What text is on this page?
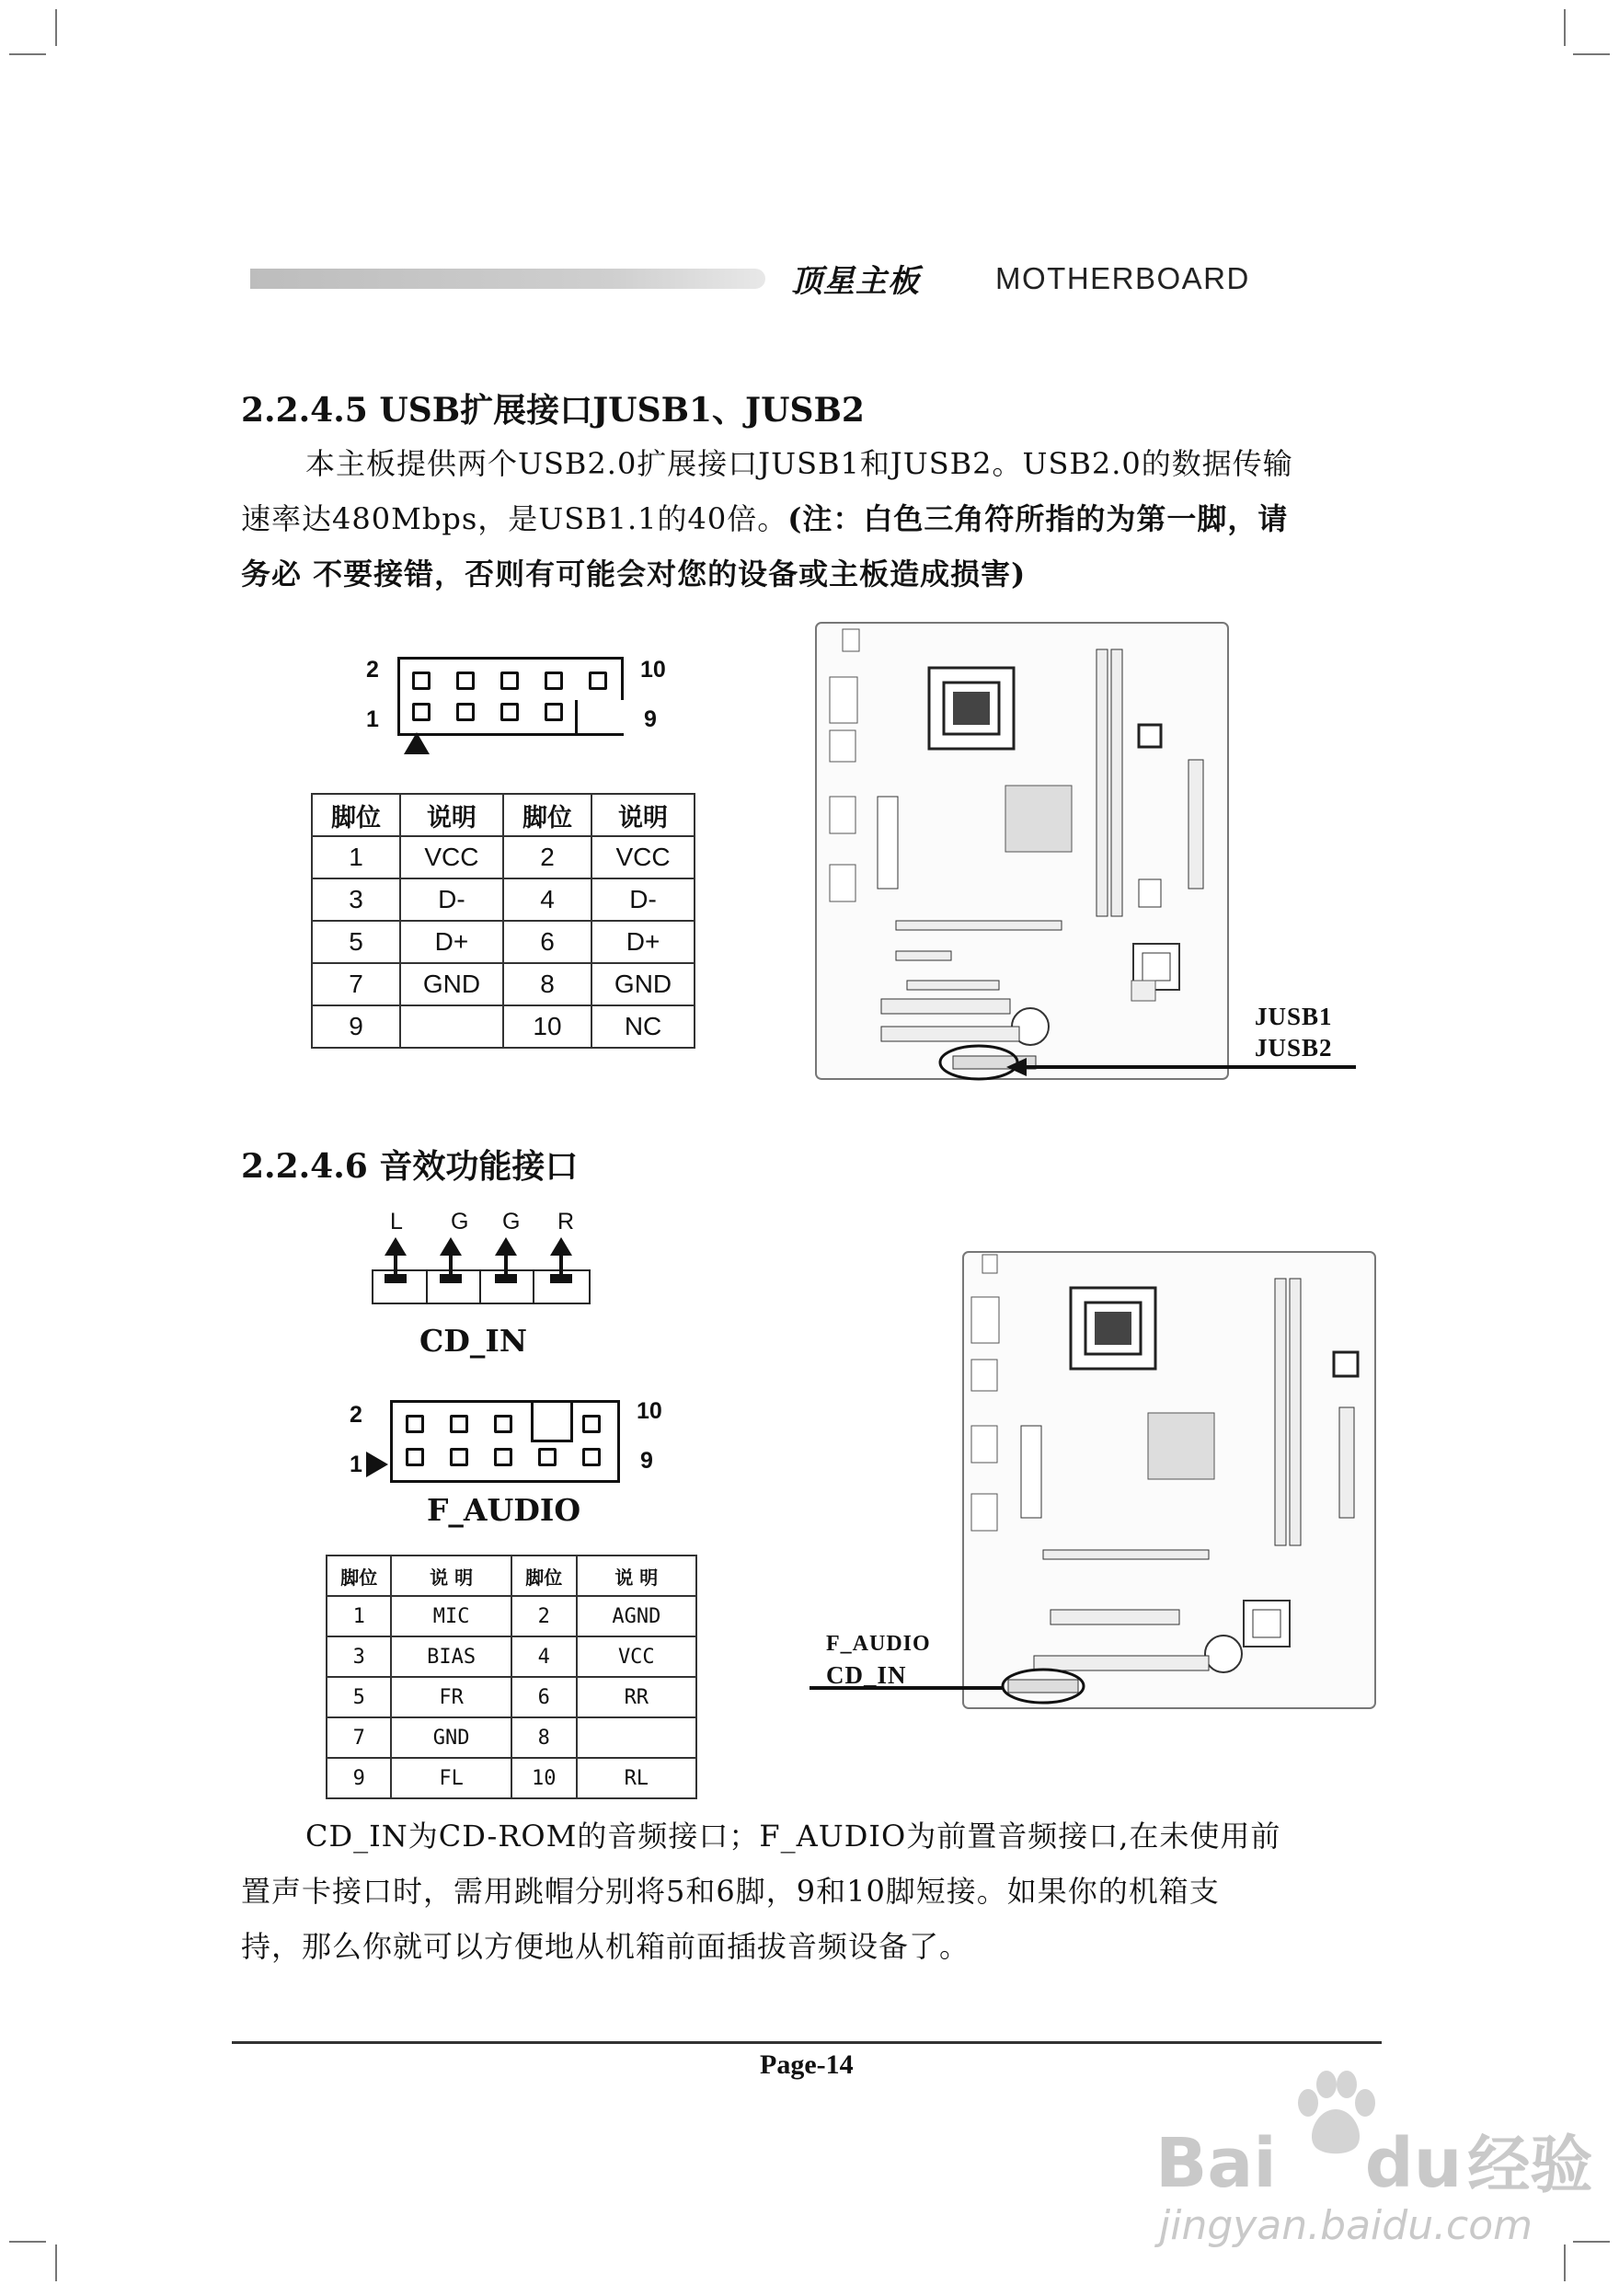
顶星主板 MOTHERBOARD
2.2.4.5 USB扩展接口JUSB1、JUSB2
本主板提供两个USB2.0扩展接口JUSB1和JUSB2。USB2.0的数据传输
速率达480Mbps，是USB1.1的40倍。(注：白色三角符所指的为第一脚，请
务必 不要接错，否则有可能会对您的设备或主板造成损害)
2
1
10
9
脚位	说明	脚位	说明
1	VCC	2	VCC
3	D-	4	D-
5	D+	6	D+
7	GND	8	GND
9		10	NC	JUSB1
JUSB2
2.2.4.6 音效功能接口
L G G R
CD_IN
2
1
10
9
F_AUDIO
脚位	说 明	脚位	说 明
1	MIC	2	AGND
3	BIAS	4	VCC
5	FR	6	RR
7	GND	8	
9	FL	10	RL
F_AUDIO
CD_IN
CD_IN为CD-ROM的音频接口；F_AUDIO为前置音频接口,在未使用前
置声卡接口时，需用跳帽分别将5和6脚，9和10脚短接。如果你的机箱支
持，那么你就可以方便地从机箱前面插拔音频设备了。
Page-14
Bai du经验
jingyan.baidu.com
